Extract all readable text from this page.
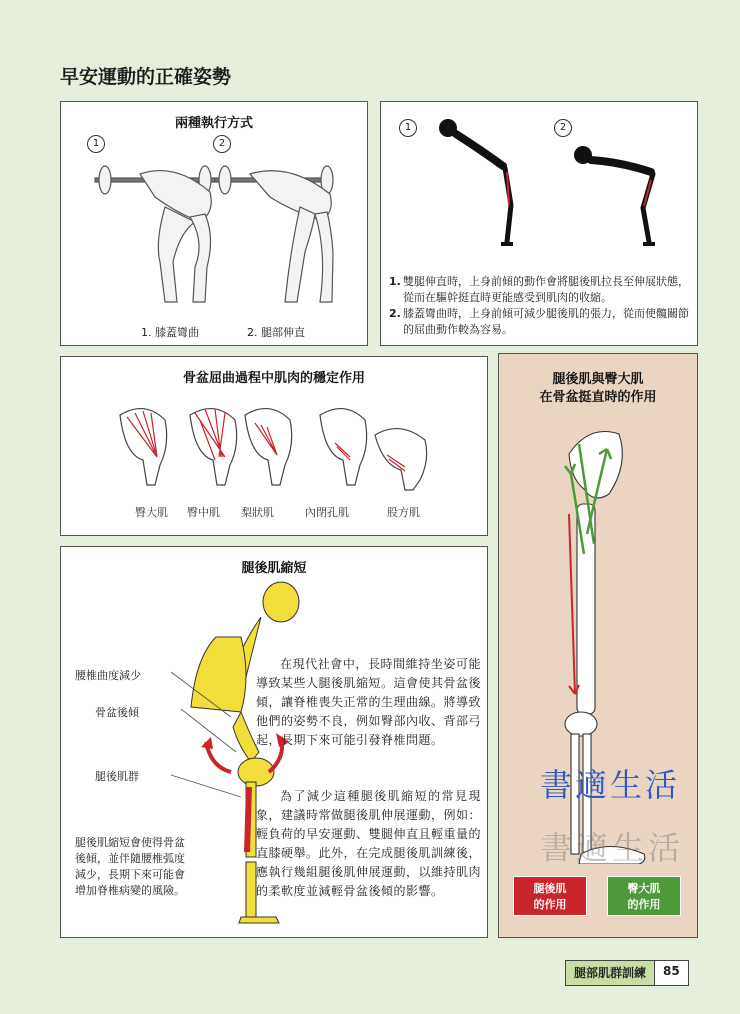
早安運動的正確姿勢
兩種執行方式
1	2
1. 膝蓋彎曲	2. 腿部伸直
1	2
1. 雙腿伸直時，上身前傾的動作會將腿後肌拉長至伸展狀態，從而在驅幹挺直時更能感受到肌肉的收縮。
2. 膝蓋彎曲時，上身前傾可減少腿後肌的張力，從而使髖關節的屈曲動作較為容易。
骨盆屈曲過程中肌肉的穩定作用
臀大肌 臀中肌 梨狀肌	內閉孔肌	股方肌
腿後肌縮短
腰椎曲度減少
骨盆後傾
腿後肌群
腿後肌縮短會使得骨盆後傾，並伴隨腰椎弧度減少，長期下來可能會增加脊椎病變的風險。
在現代社會中，長時間維持坐姿可能導致某些人腿後肌縮短。這會使其骨盆後傾，讓脊椎喪失正常的生理曲線。將導致他們的姿勢不良，例如臀部內收、背部弓起，長期下來可能引發脊椎問題。
為了減少這種腿後肌縮短的常見現象，建議時常做腿後肌伸展運動，例如：輕負荷的早安運動、雙腿伸直且輕重量的直膝硬舉。此外，在完成腿後肌訓練後，應執行幾組腿後肌伸展運動，以維持肌肉的柔軟度並減輕骨盆後傾的影響。
腿後肌與臀大肌
在骨盆挺直時的作用
腿後肌
的作用
臀大肌
的作用
書適生活
書適生活
腿部肌群訓練	85
